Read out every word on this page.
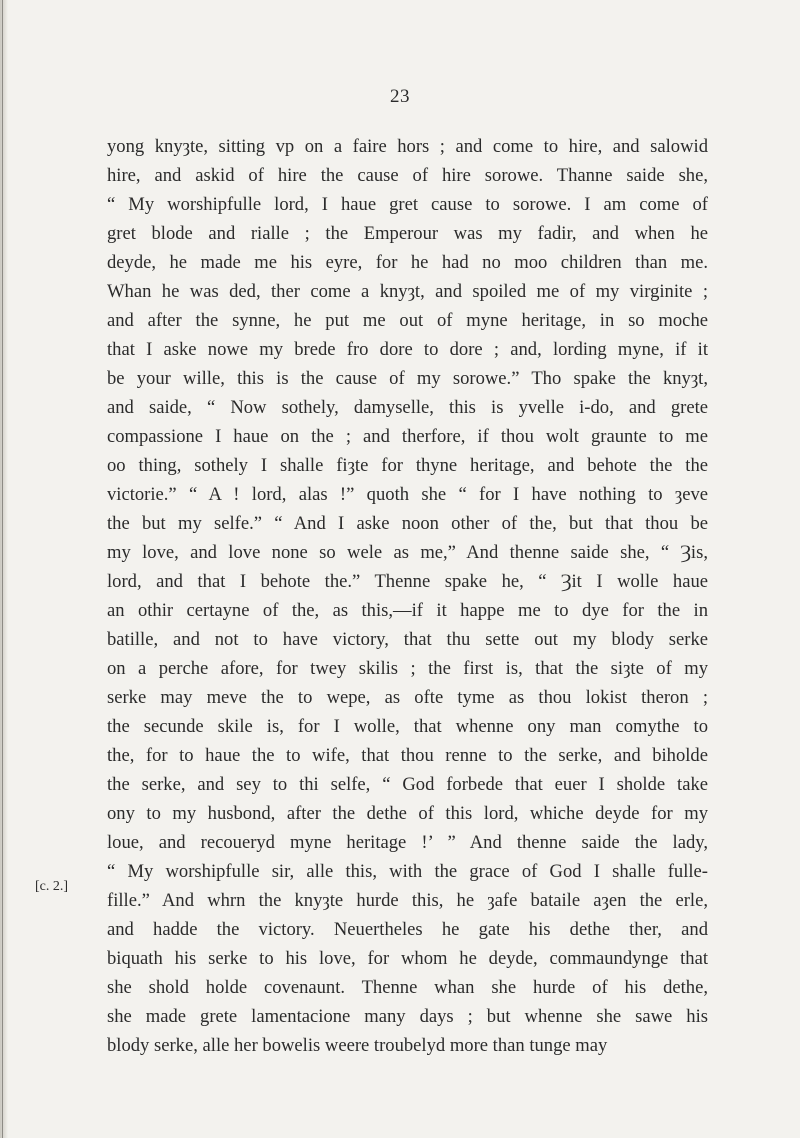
23
[c. 2.]
yong knyȝte, sitting vp on a faire hors ; and come to hire, and salowid
hire, and askid of hire the cause of hire sorowe. Thanne saide she,
“ My worshipfulle lord, I haue gret cause to sorowe. I am come of
gret blode and rialle ; the Emperour was my fadir, and when he
deyde, he made me his eyre, for he had no moo children than me.
Whan he was ded, ther come a knyȝt, and spoiled me of my virginite ;
and after the synne, he put me out of myne heritage, in so moche
that I aske nowe my brede fro dore to dore ; and, lording myne, if it
be your wille, this is the cause of my sorowe.” Tho spake the knyȝt,
and saide, “ Now sothely, damyselle, this is yvelle i-do, and grete
compassione I haue on the ; and therfore, if thou wolt graunte to me
oo thing, sothely I shalle fiȝte for thyne heritage, and behote the the
victorie.” “ A ! lord, alas !” quoth she “ for I have nothing to ȝeve
the but my selfe.” “ And I aske noon other of the, but that thou be
my love, and love none so wele as me,” And thenne saide she, “ Ȝis,
lord, and that I behote the.” Thenne spake he, “ Ȝit I wolle haue
an othir certayne of the, as this,—if it happe me to dye for the in
batille, and not to have victory, that thu sette out my blody serke
on a perche afore, for twey skilis ; the first is, that the siȝte of my
serke may meve the to wepe, as ofte tyme as thou lokist theron ;
the secunde skile is, for I wolle, that whenne ony man comythe to
the, for to haue the to wife, that thou renne to the serke, and biholde
the serke, and sey to thi selfe, “ God forbede that euer I sholde take
ony to my husbond, after the dethe of this lord, whiche deyde for my
loue, and recoueryd myne heritage !’ ” And thenne saide the lady,
“ My worshipfulle sir, alle this, with the grace of God I shalle fulle-
fille.” And whrn the knyȝte hurde this, he ȝafe bataile aȝen the erle,
and hadde the victory. Neuertheles he gate his dethe ther, and
biquath his serke to his love, for whom he deyde, commaundynge that
she shold holde covenaunt. Thenne whan she hurde of his dethe,
she made grete lamentacione many days ; but whenne she sawe his
blody serke, alle her bowelis weere troubelyd more than tunge may
